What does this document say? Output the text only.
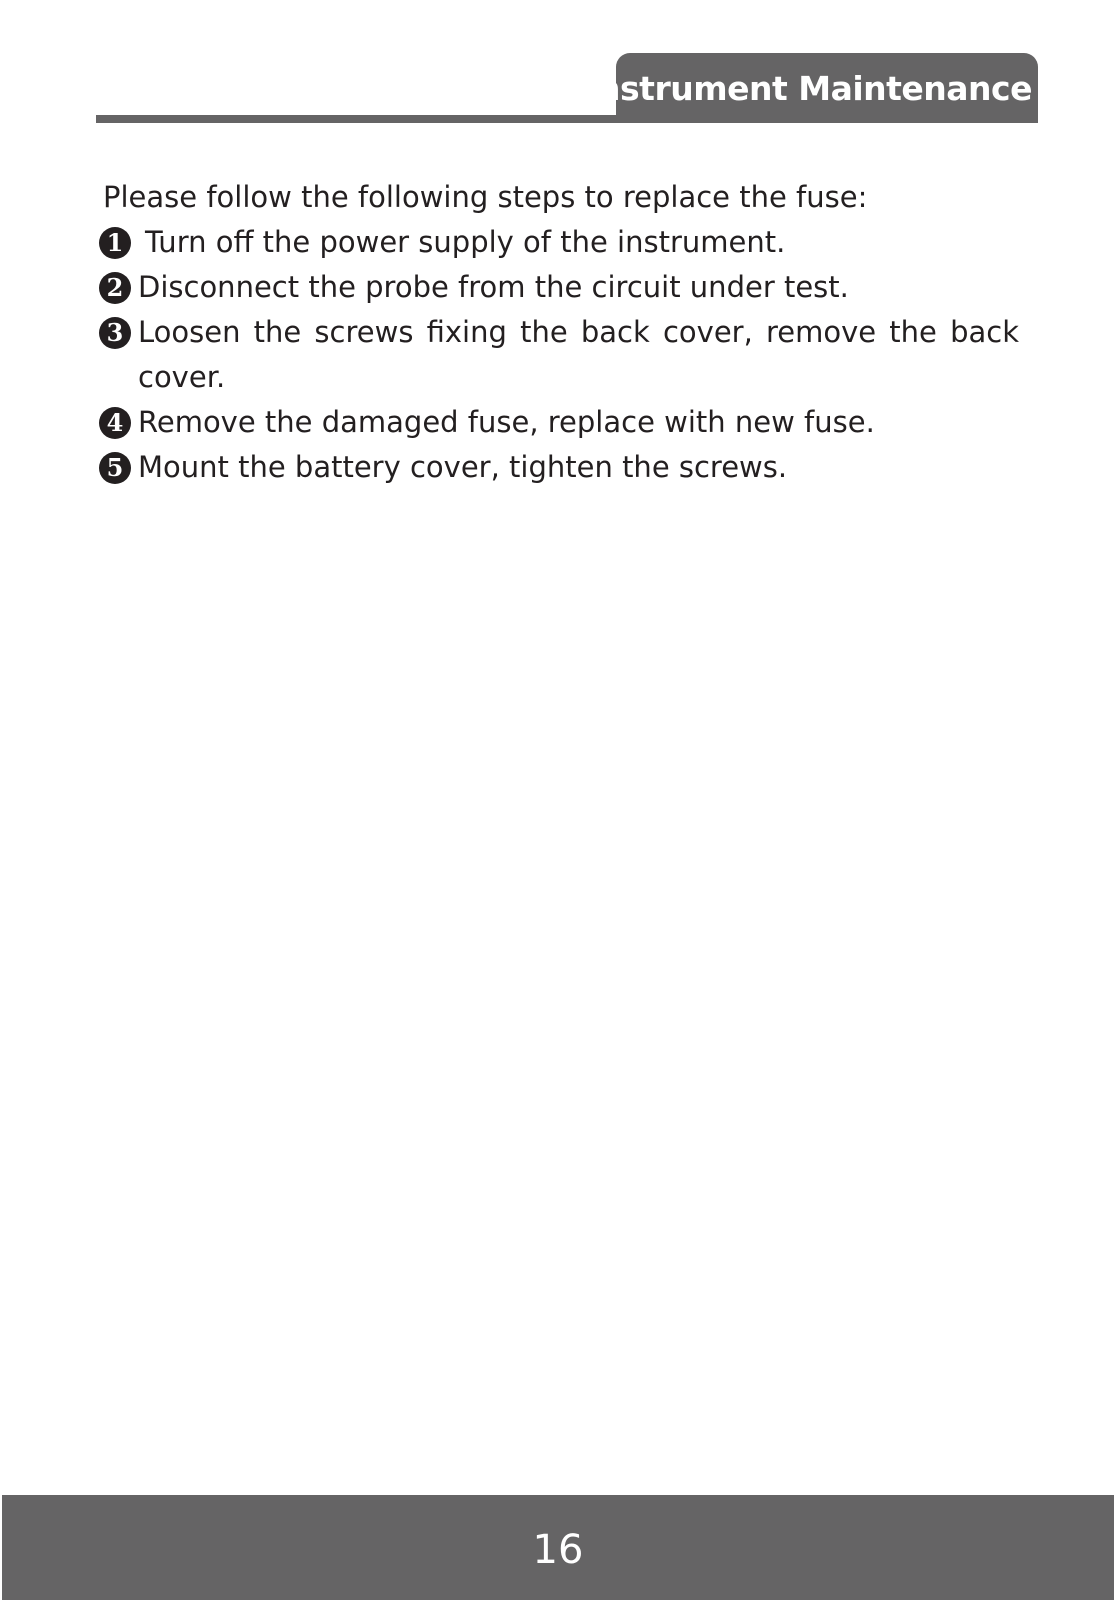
Instrument Maintenance

Please follow the following steps to replace the fuse:

1 Turn off the power supply of the instrument.
2 Disconnect the probe from the circuit under test.
3 Loosen the screws fixing the back cover, remove the back cover.
4 Remove the damaged fuse, replace with new fuse.
5 Mount the battery cover, tighten the screws.
16
